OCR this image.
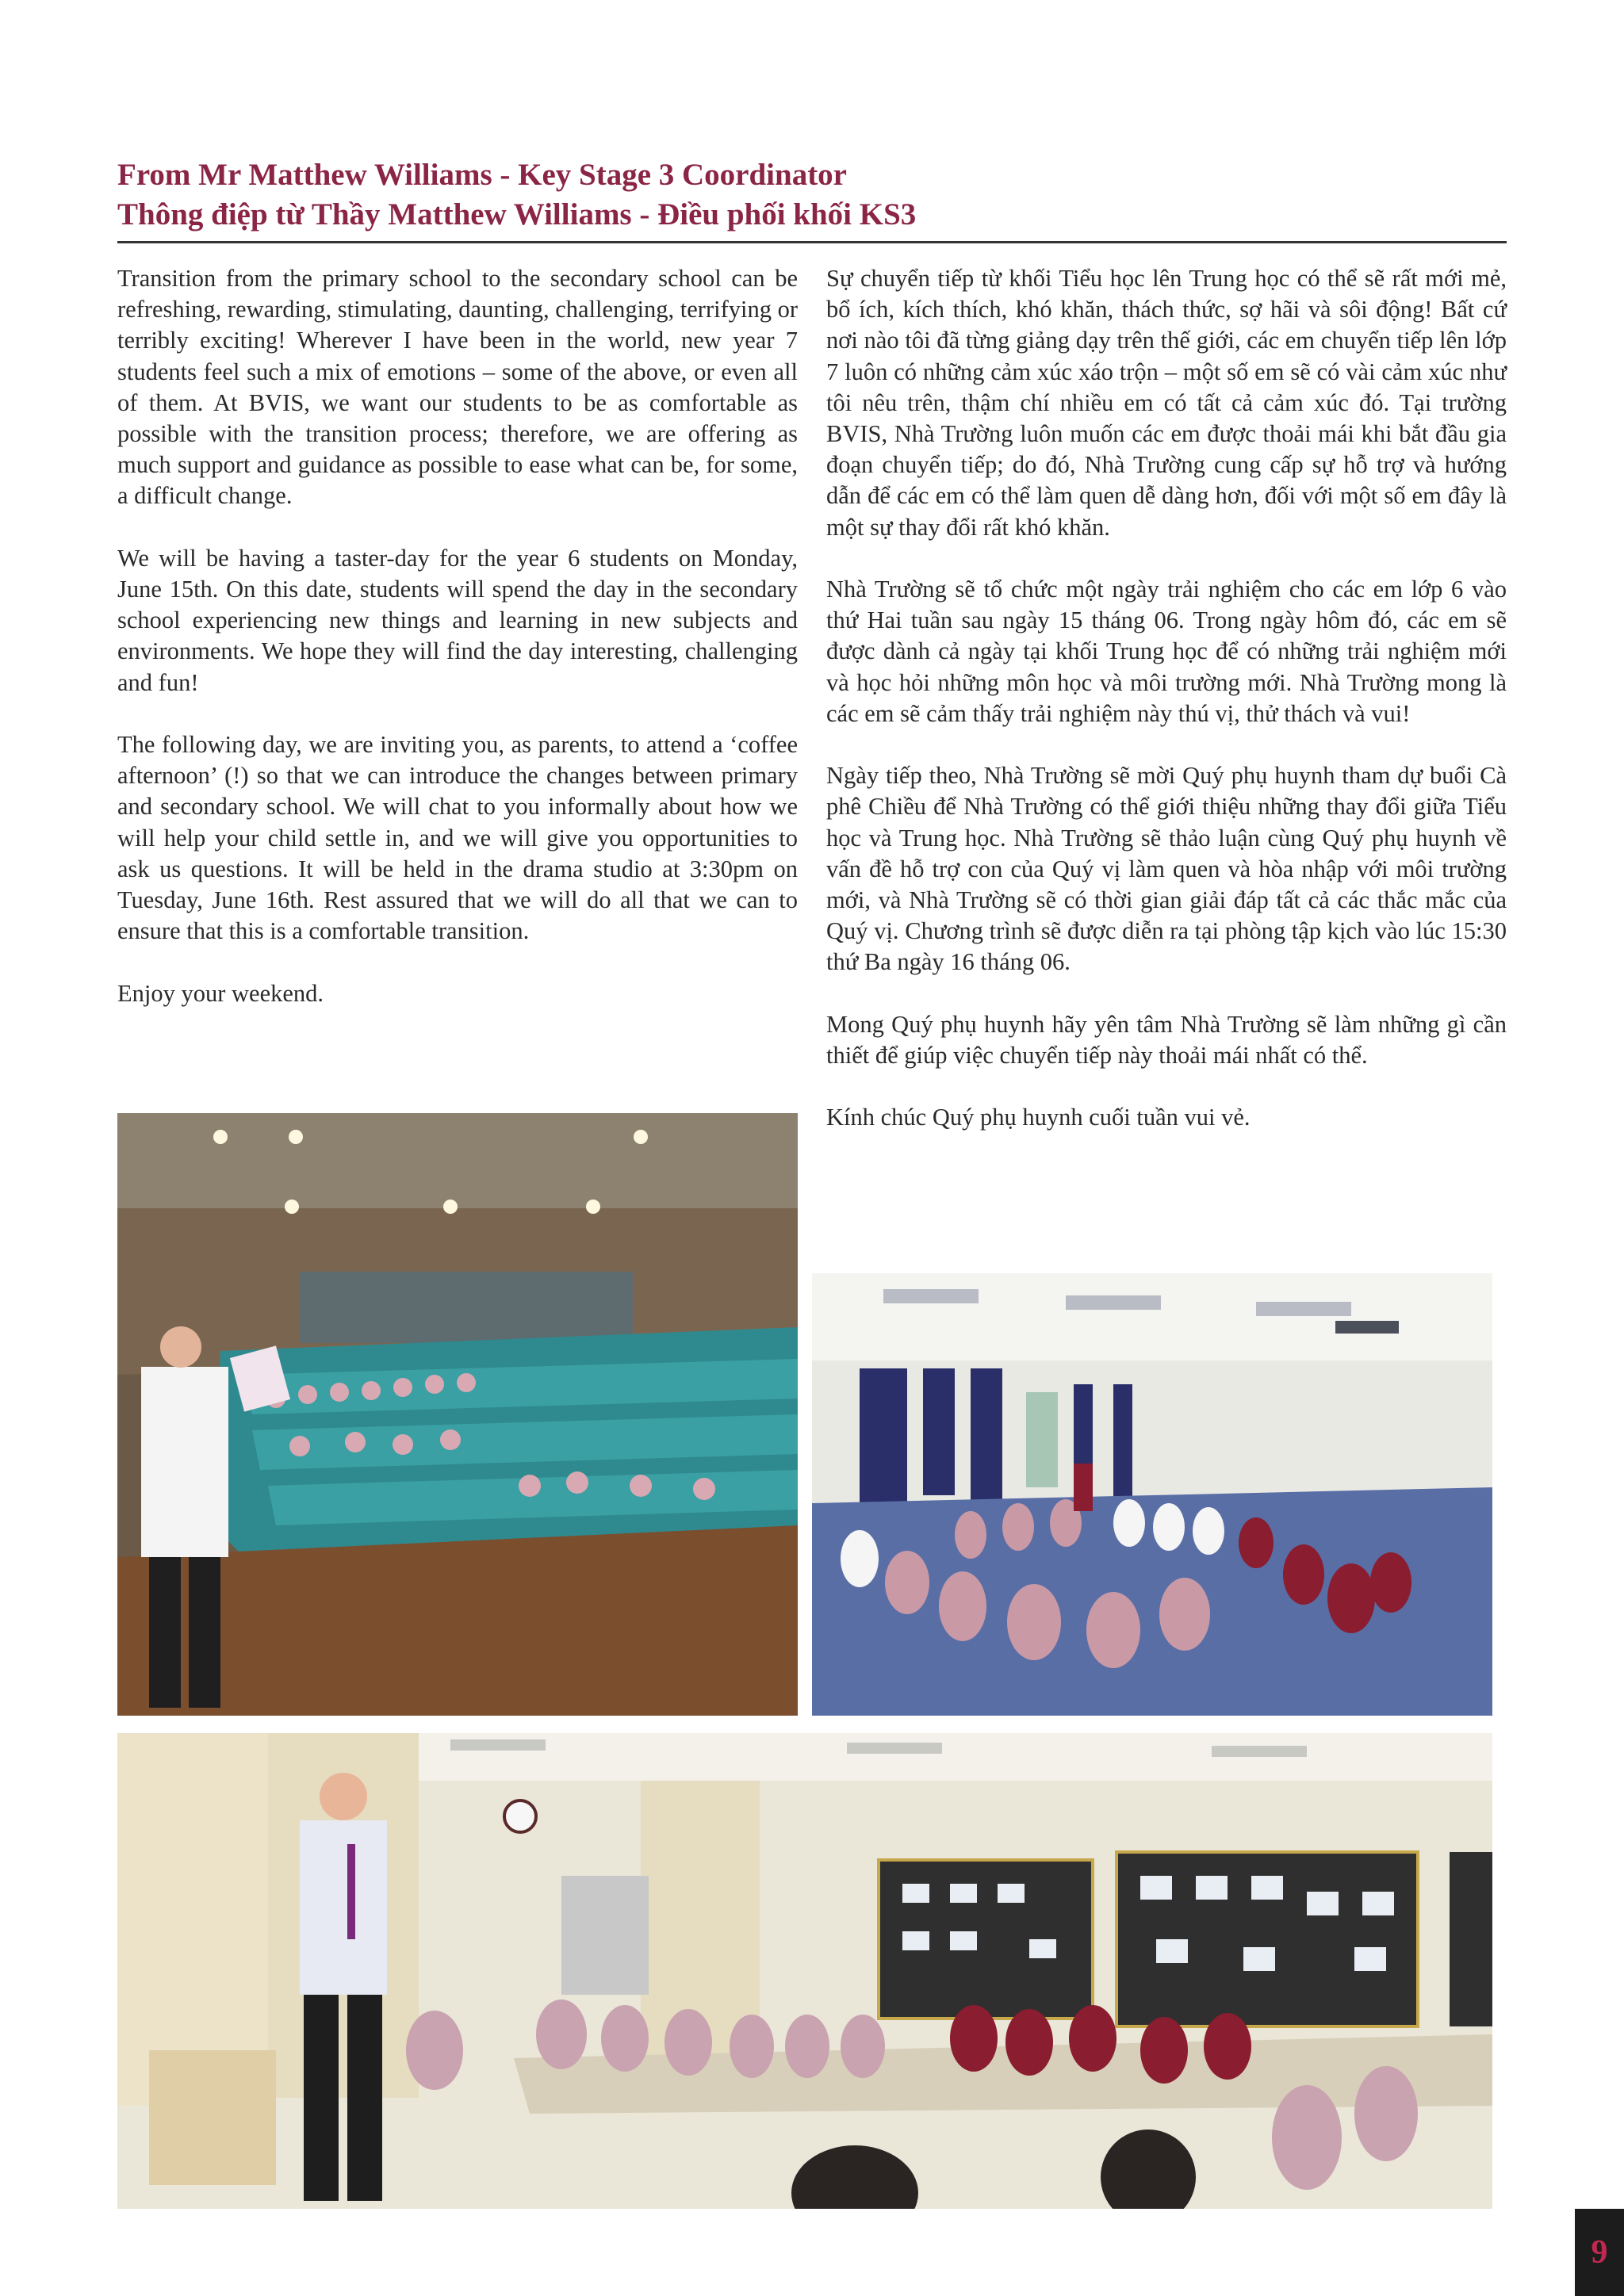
From Mr Matthew Williams - Key Stage 3 Coordinator
Thông điệp từ Thầy Matthew Williams - Điều phối khối KS3

Transition from the primary school to the secondary school can be refreshing, rewarding, stimulating, daunting, challenging, terrifying or terribly exciting! Wherever I have been in the world, new year 7 students feel such a mix of emotions – some of the above, or even all of them. At BVIS, we want our students to be as comfortable as possible with the transition process; therefore, we are offering as much support and guidance as possible to ease what can be, for some, a difficult change.

We will be having a taster-day for the year 6 students on Monday, June 15th. On this date, students will spend the day in the secondary school experiencing new things and learning in new subjects and environments. We hope they will find the day interesting, challenging and fun!

The following day, we are inviting you, as parents, to attend a ‘coffee afternoon’ (!) so that we can introduce the changes between primary and secondary school. We will chat to you informally about how we will help your child settle in, and we will give you opportunities to ask us questions. It will be held in the drama studio at 3:30pm on Tuesday, June 16th. Rest assured that we will do all that we can to ensure that this is a comfortable transition.

Enjoy your weekend.

Sự chuyển tiếp từ khối Tiểu học lên Trung học có thể sẽ rất mới mẻ, bổ ích, kích thích, khó khăn, thách thức, sợ hãi và sôi động! Bất cứ nơi nào tôi đã từng giảng dạy trên thế giới, các em chuyển tiếp lên lớp 7 luôn có những cảm xúc xáo trộn – một số em sẽ có vài cảm xúc như tôi nêu trên, thậm chí nhiều em có tất cả cảm xúc đó. Tại trường BVIS, Nhà Trường luôn muốn các em được thoải mái khi bắt đầu gia đoạn chuyển tiếp; do đó, Nhà Trường cung cấp sự hỗ trợ và hướng dẫn để các em có thể làm quen dễ dàng hơn, đối với một số em đây là một sự thay đổi rất khó khăn.

Nhà Trường sẽ tổ chức một ngày trải nghiệm cho các em lớp 6 vào thứ Hai tuần sau ngày 15 tháng 06. Trong ngày hôm đó, các em sẽ được dành cả ngày tại khối Trung học để có những trải nghiệm mới và học hỏi những môn học và môi trường mới. Nhà Trường mong là các em sẽ cảm thấy trải nghiệm này thú vị, thử thách và vui!

Ngày tiếp theo, Nhà Trường sẽ mời Quý phụ huynh tham dự buổi Cà phê Chiều để Nhà Trường có thể giới thiệu những thay đổi giữa Tiểu học và Trung học. Nhà Trường sẽ thảo luận cùng Quý phụ huynh về vấn đề hỗ trợ con của Quý vị làm quen và hòa nhập với môi trường mới, và Nhà Trường sẽ có thời gian giải đáp tất cả các thắc mắc của Quý vị. Chương trình sẽ được diễn ra tại phòng tập kịch vào lúc 15:30 thứ Ba ngày 16 tháng 06.

Mong Quý phụ huynh hãy yên tâm Nhà Trường sẽ làm những gì cần thiết để giúp việc chuyển tiếp này thoải mái nhất có thể.

Kính chúc Quý phụ huynh cuối tuần vui vẻ.

9
